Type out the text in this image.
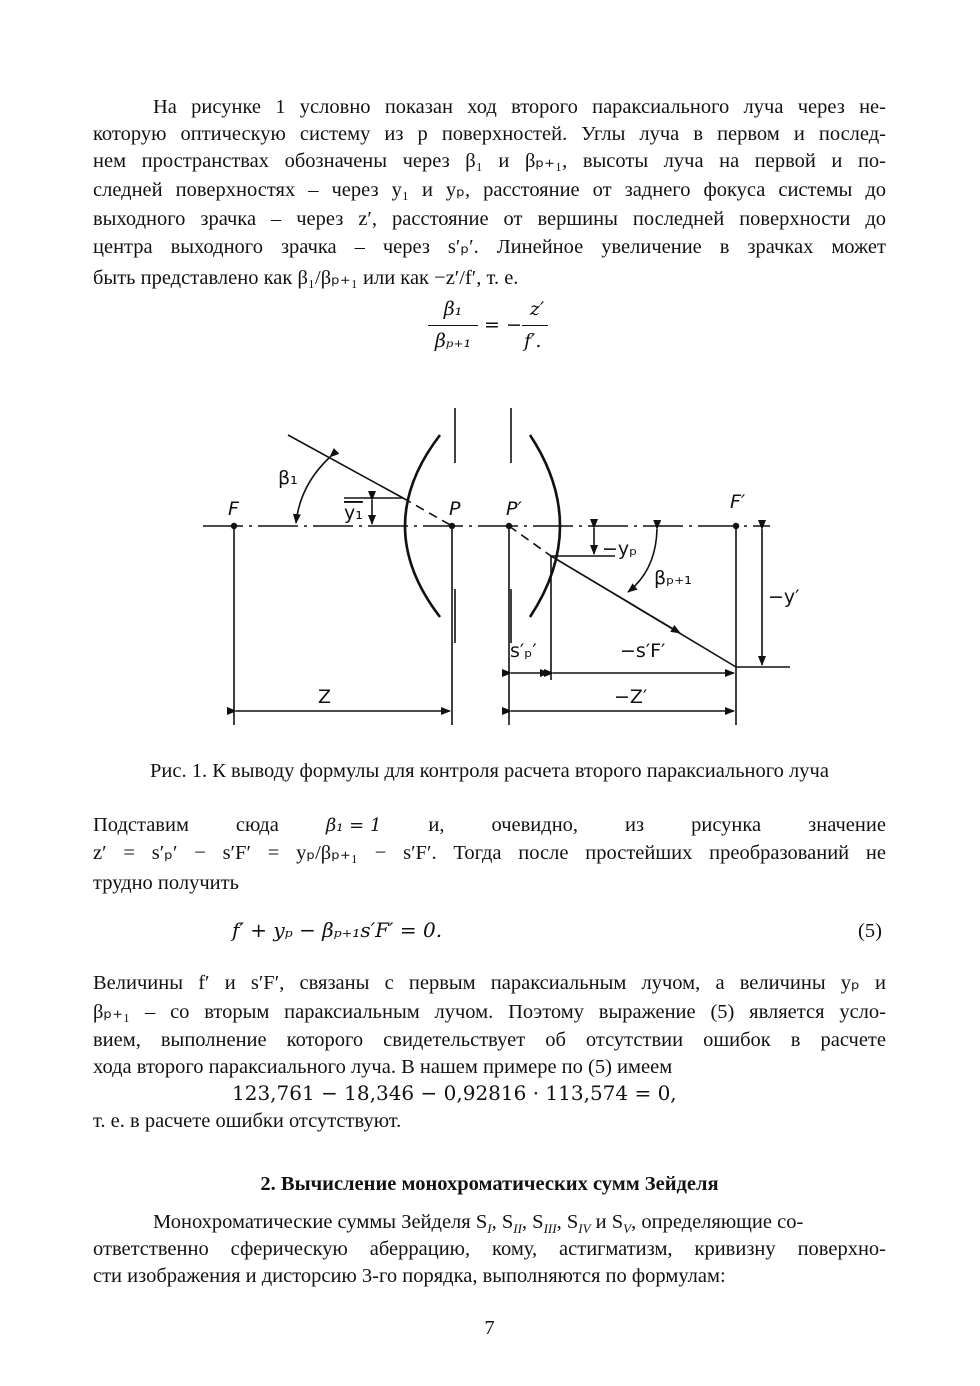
На рисунке 1 условно показан ход второго параксиального луча через не-
которую оптическую систему из p поверхностей. Углы луча в первом и послед-
нем пространствах обозначены через β₁ и βₚ₊₁, высоты луча на первой и по-
следней поверхностях – через y₁ и yₚ, расстояние от заднего фокуса системы до
выходного зрачка – через z′, расстояние от вершины последней поверхности до
центра выходного зрачка – через s′ₚ′. Линейное увеличение в зрачках может
быть представлено как β₁/βₚ₊₁ или как −z′/f′, т. е.
β₁
βₚ₊₁
= −
z′
f′.
F	P P′	F′
β₁
y₁
−yₚ
βₚ₊₁
−y′
s′ₚ′	−s′F′
Z	−Z′
Рис. 1. К выводу формулы для контроля расчета второго параксиального луча
Подставим сюда	β₁ = 1 и, очевидно, из рисунка значение
z′ = s′ₚ′ − s′F′ = yₚ/βₚ₊₁ − s′F′. Тогда после простейших преобразований не
трудно получить
f′ + yₚ − βₚ₊₁s′F′ = 0.	(5)
Величины f′ и s′F′, связаны с первым параксиальным лучом, а величины yₚ и
βₚ₊₁ – со вторым параксиальным лучом. Поэтому выражение (5) является усло-
вием, выполнение которого свидетельствует об отсутствии ошибок в расчете
хода второго параксиального луча. В нашем примере по (5) имеем
123,761 − 18,346 − 0,92816 · 113,574 = 0,
т. е. в расчете ошибки отсутствуют.
2. Вычисление монохроматических сумм Зейделя
Монохроматические суммы Зейделя $S_I$, $S_{II}$, $S_{III}$, $S_{IV}$ и $S_V$, определяющие со-
ответственно сферическую аберрацию, кому, астигматизм, кривизну поверхно-
сти изображения и дисторсию 3-го порядка, выполняются по формулам:
7
